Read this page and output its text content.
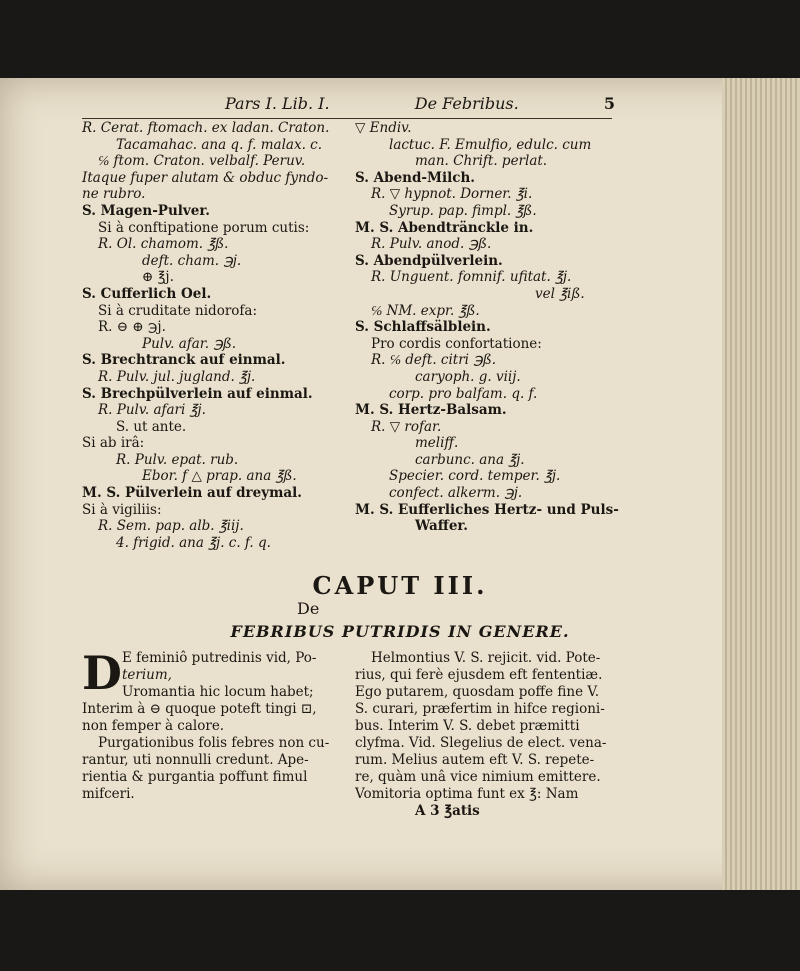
Pars I. Lib. I.	De Febribus.	5
R. Cerat. ftomach. ex ladan. Craton.
Tacamahac. ana q. f. malax. c.
℅ ftom. Craton. velbalf. Peruv.
Itaque fuper alutam & obduc fyndo-
ne rubro.
S. Magen-Pulver.
Si à conftipatione porum cutis:
R. Ol. chamom. ℥ß.
deft. cham. ℈j.
⊕ ℥j.
S. Cufferlich Oel.
Si à cruditate nidorofa:
R. ⊖ ⊕ ℈j.
Pulv. afar. ℈ß.
S. Brechtranck auf einmal.
R. Pulv. jul. jugland. ℥j.
S. Brechpülverlein auf einmal.
R. Pulv. afari ℥j.
S. ut ante.
Si ab irâ:
R. Pulv. epat. rub.
Ebor. f △ prap. ana ℥ß.
M. S. Pülverlein auf dreymal.
Si à vigiliis:
R. Sem. pap. alb. ℥iij.
4. frigid. ana ℥j. c. f. q.
▽ Endiv.
lactuc. F. Emulfio, edulc. cum
man. Chrift. perlat.
S. Abend-Milch.
R. ▽ hypnot. Dorner. ℥i.
Syrup. pap. fimpl. ℥ß.
M. S. Abendtränckle in.
R. Pulv. anod. ℈ß.
S. Abendpülverlein.
R. Unguent. fomnif. ufitat. ℥j.
vel ℥iß.
℅ NM. expr. ℥ß.
S. Schlaffsälblein.
Pro cordis confortatione:
R. ℅ deft. citri ℈ß.
caryoph. g. viij.
corp. pro balfam. q. f.
M. S. Hertz-Balsam.
R. ▽ rofar.
meliff.
carbunc. ana ℥j.
Specier. cord. temper. ℥j.
confect. alkerm. ℈j.
M. S. Eufferliches Hertz- und Puls-
Waffer.
CAPUT III.
De
FEBRIBUS PUTRIDIS IN GENERE.
D E feminiô putredinis vid, Po-
terium,
Uromantia hic locum habet;
Interim à ⊖ quoque poteft tingi ⊡,
non femper à calore.
Purgationibus folis febres non cu-
rantur, uti nonnulli credunt. Ape-
rientia & purgantia poffunt fimul
mifceri.
Helmontius V. S. rejicit. vid. Pote-
rius, qui ferè ejusdem eft fententiæ.
Ego putarem, quosdam poffe fine V.
S. curari, præfertim in hifce regioni-
bus. Interim V. S. debet præmitti
clyfma. Vid. Slegelius de elect. vena-
rum. Melius autem eft V. S. repete-
re, quàm unâ vice nimium emittere.
Vomitoria optima funt ex ℥: Nam
A 3 ℥atis
